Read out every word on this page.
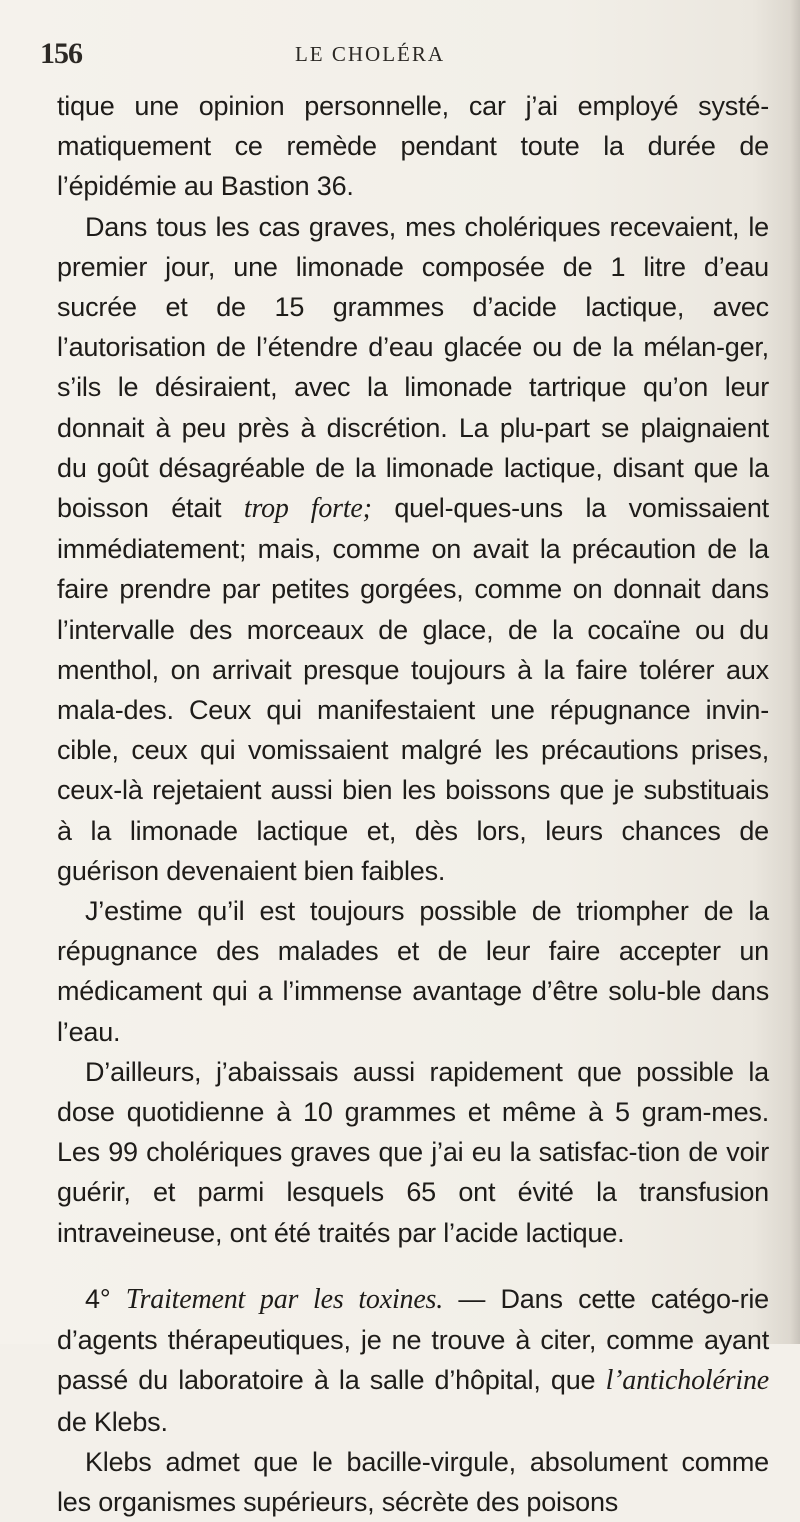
156	LE CHOLÉRA

tique une opinion personnelle, car j’ai employé systé-matiquement ce remède pendant toute la durée de l’épidémie au Bastion 36.

Dans tous les cas graves, mes cholériques recevaient, le premier jour, une limonade composée de 1 litre d’eau sucrée et de 15 grammes d’acide lactique, avec l’autorisation de l’étendre d’eau glacée ou de la mélan-ger, s’ils le désiraient, avec la limonade tartrique qu’on leur donnait à peu près à discrétion. La plu-part se plaignaient du goût désagréable de la limonade lactique, disant que la boisson était trop forte; quel-ques-uns la vomissaient immédiatement; mais, comme on avait la précaution de la faire prendre par petites gorgées, comme on donnait dans l’intervalle des morceaux de glace, de la cocaïne ou du menthol, on arrivait presque toujours à la faire tolérer aux mala-des. Ceux qui manifestaient une répugnance invin-cible, ceux qui vomissaient malgré les précautions prises, ceux-là rejetaient aussi bien les boissons que je substituais à la limonade lactique et, dès lors, leurs chances de guérison devenaient bien faibles.

J’estime qu’il est toujours possible de triompher de la répugnance des malades et de leur faire accepter un médicament qui a l’immense avantage d’être solu-ble dans l’eau.

D’ailleurs, j’abaissais aussi rapidement que possible la dose quotidienne à 10 grammes et même à 5 gram-mes. Les 99 cholériques graves que j’ai eu la satisfac-tion de voir guérir, et parmi lesquels 65 ont évité la transfusion intraveineuse, ont été traités par l’acide lactique.

4° Traitement par les toxines. — Dans cette catégo-rie d’agents thérapeutiques, je ne trouve à citer, comme ayant passé du laboratoire à la salle d’hôpital, que l’anticholérine de Klebs.

Klebs admet que le bacille-virgule, absolument comme les organismes supérieurs, sécrète des poisons
